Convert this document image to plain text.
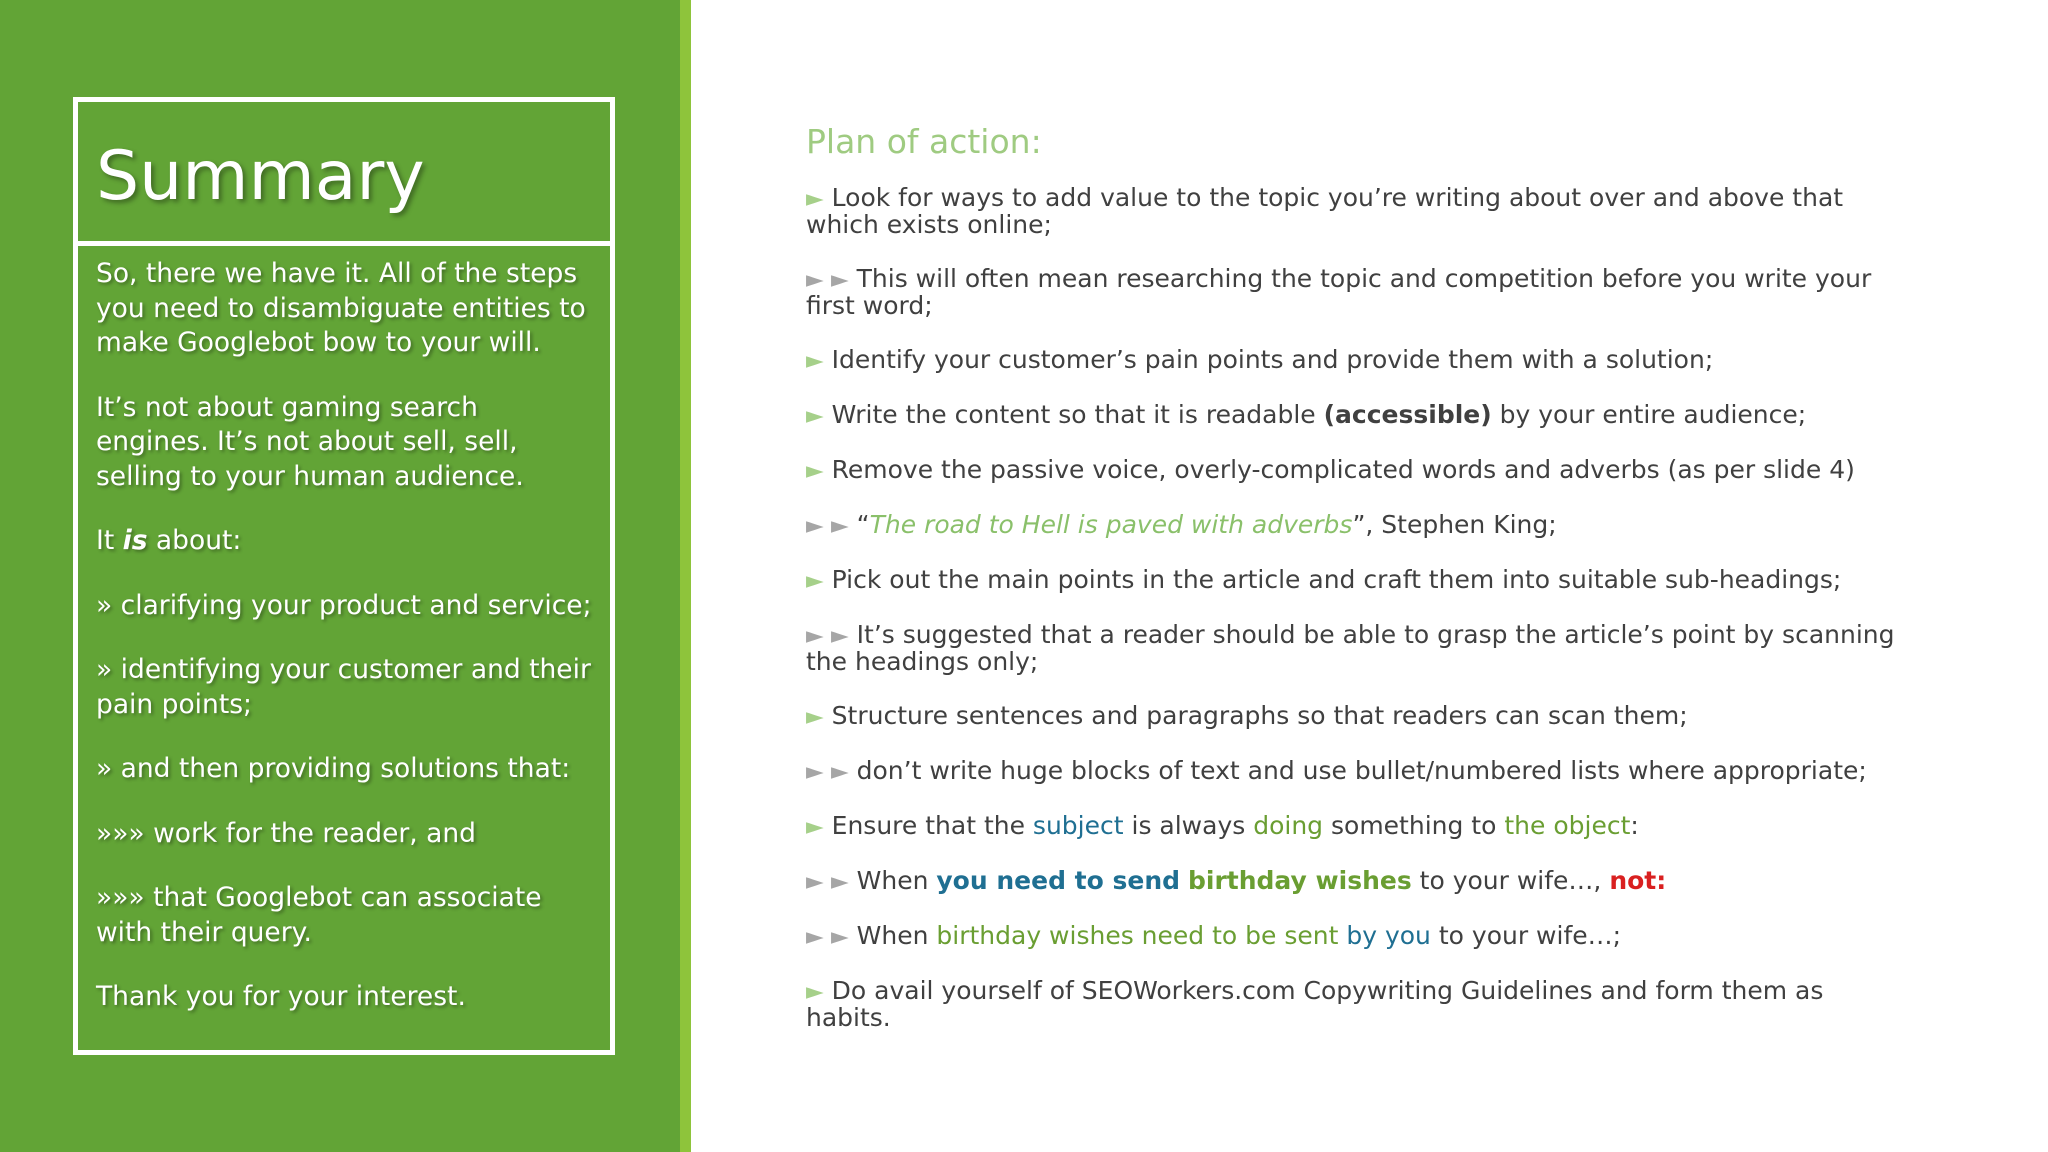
Summary

So, there we have it. All of the steps you need to disambiguate entities to make Googlebot bow to your will.

It’s not about gaming search engines. It’s not about sell, sell, selling to your human audience.

It is about:

» clarifying your product and service;

» identifying your customer and their pain points;

» and then providing solutions that:

»»» work for the reader, and

»»» that Googlebot can associate with their query.

Thank you for your interest.

Plan of action:
► Look for ways to add value to the topic you’re writing about over and above that which exists online;
► ► This will often mean researching the topic and competition before you write your first word;
► Identify your customer’s pain points and provide them with a solution;
► Write the content so that it is readable (accessible) by your entire audience;
► Remove the passive voice, overly-complicated words and adverbs (as per slide 4)
► ► “The road to Hell is paved with adverbs”, Stephen King;
► Pick out the main points in the article and craft them into suitable sub-headings;
► ► It’s suggested that a reader should be able to grasp the article’s point by scanning the headings only;
► Structure sentences and paragraphs so that readers can scan them;
► ► don’t write huge blocks of text and use bullet/numbered lists where appropriate;
► Ensure that the subject is always doing something to the object:
► ► When you need to send birthday wishes to your wife…, not:
► ► When birthday wishes need to be sent by you to your wife…;
► Do avail yourself of SEOWorkers.com Copywriting Guidelines and form them as habits.
